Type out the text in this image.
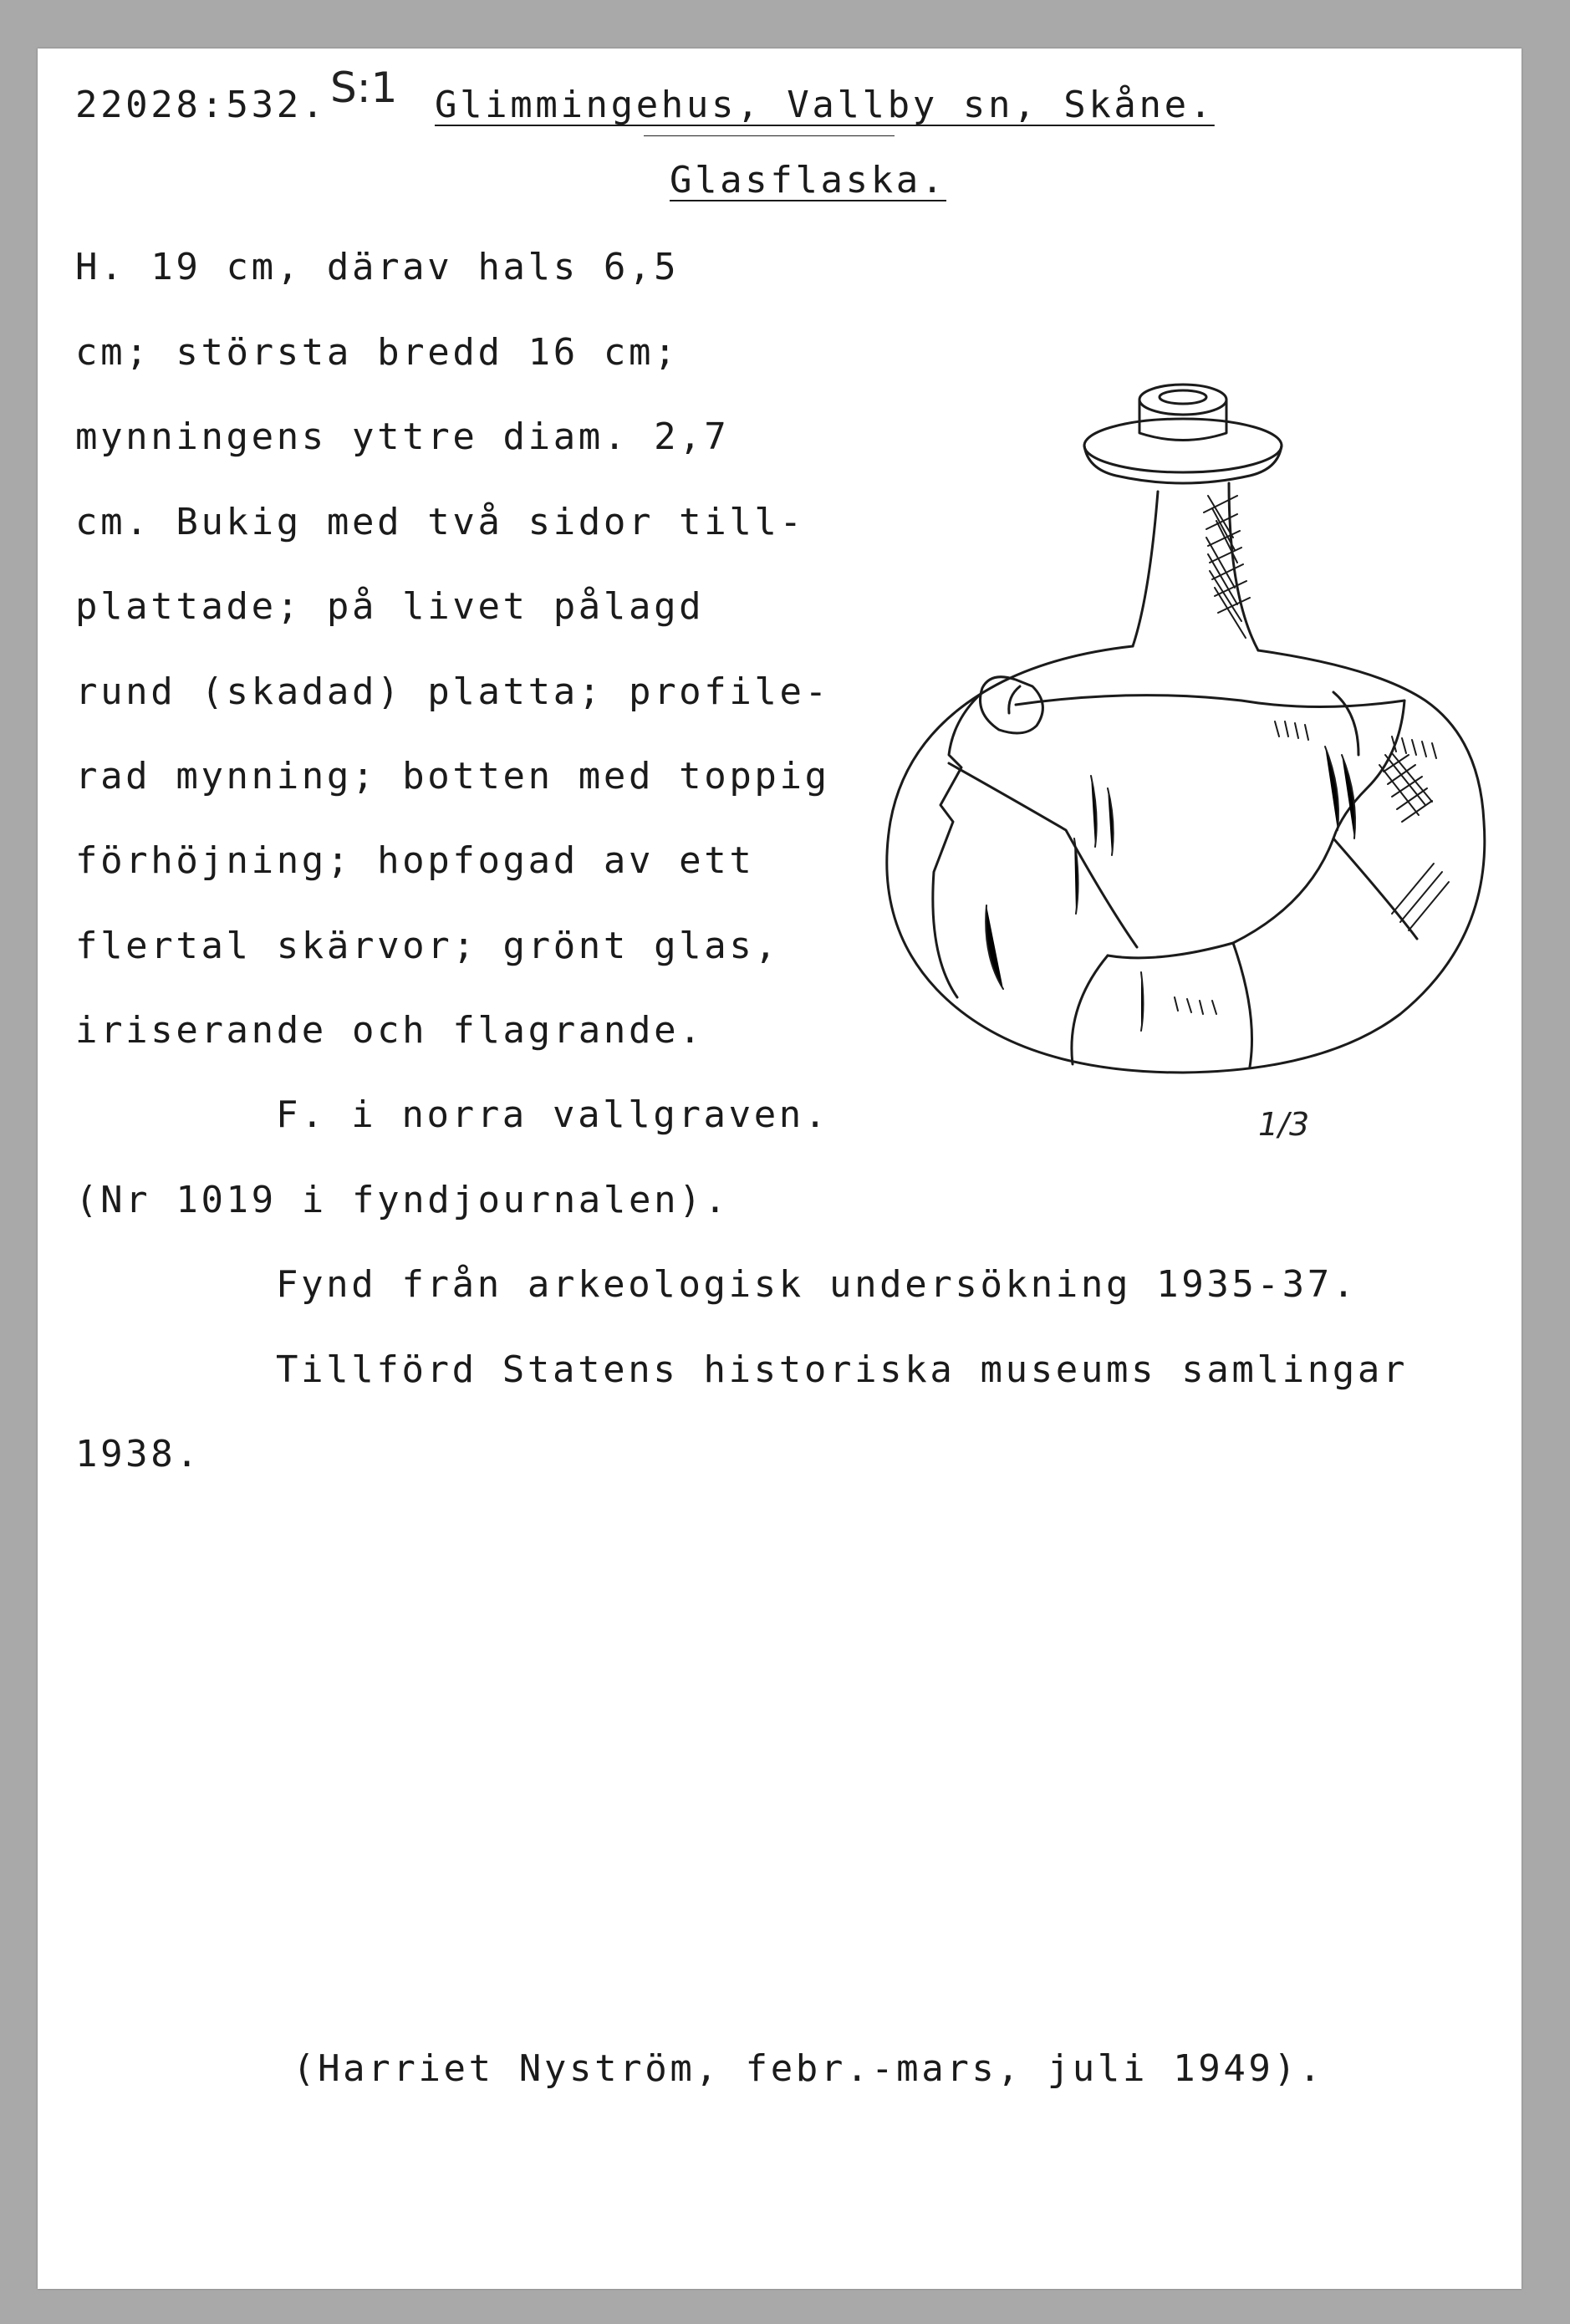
22028:532. S:1 Glimmingehus, Vallby sn, Skåne.
Glasflaska.
H. 19 cm, därav hals 6,5
cm; största bredd 16 cm;
mynningens yttre diam. 2,7
cm. Bukig med två sidor till-
plattade; på livet pålagd
rund (skadad) platta; profile-
rad mynning; botten med toppig
förhöjning; hopfogad av ett
flertal skärvor; grönt glas,
iriserande och flagrande.
F. i norra vallgraven.
(Nr 1019 i fyndjournalen).
Fynd från arkeologisk undersökning 1935-37.
Tillförd Statens historiska museums samlingar
1938.
1/3
(Harriet Nyström, febr.-mars, juli 1949).
